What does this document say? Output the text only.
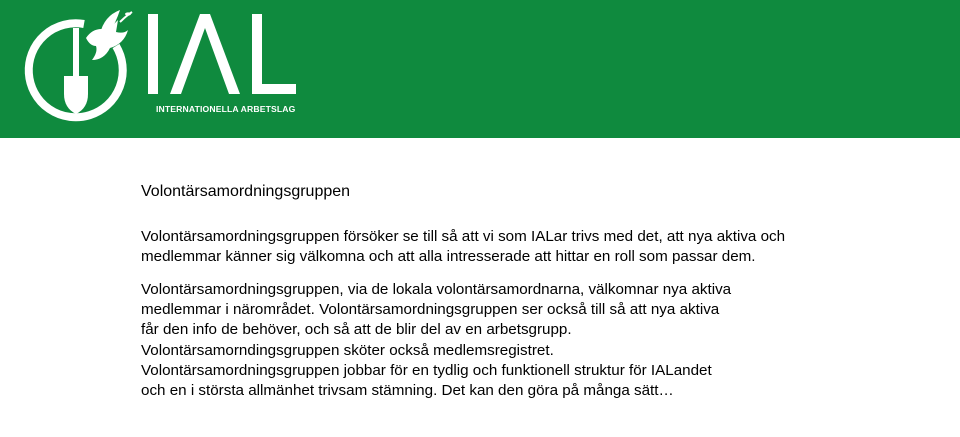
INTERNATIONELLA ARBETSLAG
Volontärsamordningsgruppen
Volontärsamordningsgruppen försöker se till så att vi som IALar trivs med det, att nya aktiva och medlemmar känner sig välkomna och att alla intresserade att hittar en roll som passar dem.
Volontärsamordningsgruppen, via de lokala volontärsamordnarna, välkomnar nya aktiva
medlemmar i närområdet. Volontärsamordningsgruppen ser också till så att nya aktiva
får den info de behöver, och så att de blir del av en arbetsgrupp.
Volontärsamorndingsgruppen sköter också medlemsregistret.
Volontärsamordningsgruppen jobbar för en tydlig och funktionell struktur för IALandet
och en i största allmänhet trivsam stämning. Det kan den göra på många sätt…
